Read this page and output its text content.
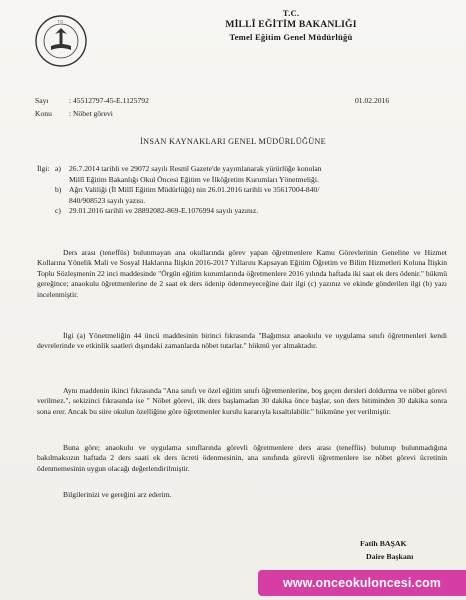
T.C.
T.C.
MİLLÎ EĞİTİM BAKANLIĞI
Temel Eğitim Genel Müdürlüğü
Sayı	: 45512797-45-E.1125792
Konu : Nöbet görevi
01.02.2016
İNSAN KAYNAKLARI GENEL MÜDÜRLÜĞÜNE
İlgi: a)	26.7.2014 tarihli ve 29072 sayılı Resmî Gazete'de yayımlanarak yürürlüğe konulan
Millî Eğitim Bakanlığı Okul Öncesi Eğitim ve İlköğretim Kurumları Yönetmeliği.
b)	Ağrı Valiliği (İl Millî Eğitim Müdürlüğü) nin 26.01.2016 tarihli ve 35617004-840/
840/908523 sayılı yazısı.
c)	29.01.2016 tarihli ve 28892082-869-E.1076994 sayılı yazınız.
Ders arası (teneffüs) bulunmayan ana okullarında görev yapan öğretmenlere Kamu Görevlerinin Geneline ve Hizmet Kollarına Yönelik Mali ve Sosyal Haklarına İlişkin 2016-2017 Yıllarını Kapsayan Eğitim Öğretim ve Bilim Hizmetleri Koluna İlişkin Toplu Sözleşmenin 22 inci maddesinde "Örgün eğitim kurumlarında öğretmenlere 2016 yılında haftada iki saat ek ders ödenir." hükmü gereğince; anaokulu öğretmenlerine de 2 saat ek ders ödenip ödenmeyeceğine dair ilgi (c) yazınız ve ekinde gönderilen ilgi (b) yazı incelenmiştir.
İlgi (a) Yönetmeliğin 44 üncü maddesinin birinci fıkrasında "Bağımsız anaokulu ve uygulama sınıfı öğretmenleri kendi devrelerinde ve etkinlik saatleri dışındaki zamanlarda nöbet tutarlar." hükmü yer almaktadır.
Aynı maddenin ikinci fıkrasında "Ana sınıfı ve özel eğitim sınıfı öğretmenlerine, boş geçen dersleri doldurma ve nöbet görevi verilmez.", sekizinci fıkrasında ise " Nöbet görevi, ilk ders başlamadan 30 dakika önce başlar, son ders bitiminden 30 dakika sonra sona erer. Ancak bu süre okulun özelliğine göre öğretmenler kurulu kararıyla kısaltılabilir." hükmüne yer verilmiştir.
Buna göre; anaokulu ve uygulama sınıflarında görevli öğretmenlere ders arası (teneffüs) bulunup bulunmadığına bakılmaksızın haftada 2 ders saati ek ders ücreti ödenmesinin, ana sınıfında görevli öğretmenlere ise nöbet görevi ücretinin ödenmemesinin uygun olacağı değerlendirilmiştir.
Bilgilerinizi ve gereğini arz ederim.
Fatih BAŞAK
Daire Başkanı
www.onceokuloncesi.com
